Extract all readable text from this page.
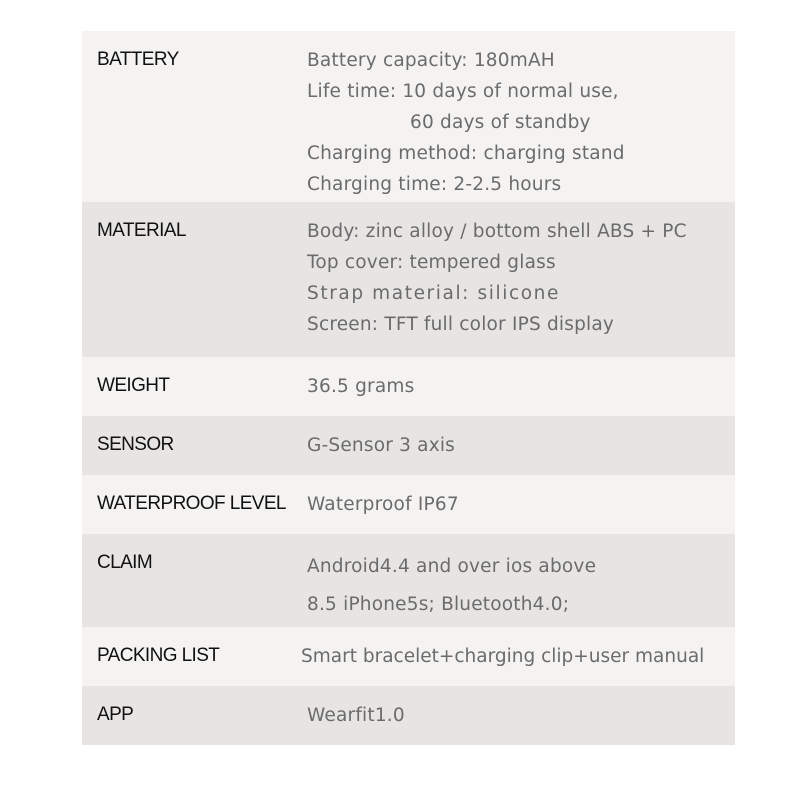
BATTERY	Battery capacity: 180mAH
Life time: 10 days of normal use,
60 days of standby
Charging method: charging stand
Charging time: 2-2.5 hours
MATERIAL	Body: zinc alloy / bottom shell ABS + PC
Top cover: tempered glass
Strap material: silicone
Screen: TFT full color IPS display
WEIGHT	36.5 grams
SENSOR	G-Sensor 3 axis
WATERPROOF LEVEL Waterproof IP67
CLAIM	Android4.4 and over ios above
8.5 iPhone5s; Bluetooth4.0;
PACKING LIST	Smart bracelet+charging clip+user manual
APP	Wearfit1.0
